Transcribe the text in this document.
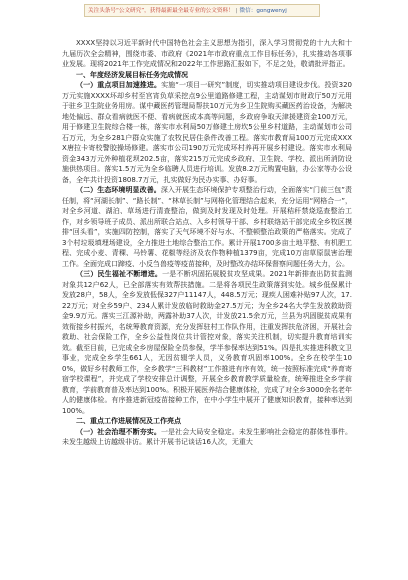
关注头条号“公文研究”，获得最新最全最专业的公文资料！ | 微信：gongwenyj

XXXX坚持以习近平新时代中国特色社会主义思想为指引，深入学习贯彻党的十九大和十九届历次全会精神，围绕市委、市政府《2021年市政府重点工作目标任务》，扎实推动各项事业发展。现将2021年工作完成情况和2022年工作思路汇报如下，不足之处，敬请批评指正。

一、年度经济发展目标任务完成情况

（一）重点项目加速推进。实施“一项目一研究”制度，切实推动项目建设步伐。投资320万元实施XXXX坏却乡村至宫宵负草采挖点9公里道路修建工程，主动谋划市财政厅50万元用于驻乡卫生院业务用房。谋中藏医药管理局帮扶10万元为乡卫生院购买藏医药治设备，为解决地处偏远、群众看病就医不便、看病就医成本高等问题，乡政府争取天津援建资金100万元，用于修建卫生院综合楼一栋，落实市水利局50万修建土房坎5公里乡村道路，主动谋划市公司石万元，为全乡281户群众实施了农牧民居住条件改善工程。落实市教育局100万元完成XXXX唐拉卡寄校警胶操场修建。落实市公司190万元完成环村养再开展乡村建设。落实市水利局资金343万元外种植花坝202.5亩，落实215万元完成乡政府、卫生院、学校、派出所消防设施供热项目。落实1.5万元为全乡临聘人员进行培训。发放8.2万元购置电脑，办公家等办公设备，全年共计投资1808.7万元，扎实做好为民办实事、办好事。

（二）生态环境明显改善。深入开展生态环境保护专项整治行动，全面落实“门前三包”责任制，将“河湖长制”、“路长制”、“林草长制”与网格化管理结合起来，充分运用“网格合一”，对全乡河道、湖泊、草场进行清查整治，做到及时发现及时处理。开展秸秆禁烧巡查整治工作，对乡领导班子成员、派出所联合站点、入乡村领导干部、乡村联络站干部完成全乡牧区摸排“回头看”，实施四防控制，落实了天气环境不好与水、不整顿整治政策的严格落实。完成了3个村垃圾填埋场建设，全力推进土地综合整治工作。累计开展1700多亩土地平整、有机肥工程、完成小麦、青稞、马铃薯、花椒等经济及农作物种植1379亩，完成10万亩草原鼠害治理工作。全面完成口蹄疫、小反刍兽疫等疫苗接种，及时整改办结环保督察问题任务大力，公。

（三）民生福祉不断增进。一是不断巩固拓展脱贫攻坚成果。2021年新排查出防贫监测对象共12户62人，已全部落实有效帮扶措施。二是将各项民生政策落到实处。城乡低保累计发放28户，58人，全乡发放低保327户11147人，448.5万元；现疾人困难补贴97人次，17.22万元；对全乡59户、234人累计发放临时救助金27.5万元；为全乡24名大学生发放救助资金9.9万元。落实三江源补助，两露补助37人次，计发放21.5余万元，兰县为巩固脱贫成果有效衔接乡村振兴，名统筹教育资源，充分发挥驻村工作队作用，注重发挥扶危济困，开展社会救助、社会保险工作，全乡公益性岗位共计管控对象，落实关注机制，切实提升教育培训实效。截至目前，已完成全乡房屋保险全员参保，学半参保率达到51%。四是扎实推进科教文卫事业，完成全乡学生661人，无因贫辍学人员，义务教育巩固率100%。全乡在校学生100%，做好乡村教师工作，全乡教学“三科教材”工作推进有序有效，统一按照标准完成“养育寄宿学校课程”，并完成了学校安排总计调整，开展全乡教育教学质量检查，统筹推进全乡学前教育，学前教育普及率达到100%。积极开展医养结合健康体检，完成了对全乡3000余名老年人的健康体检。有序推进新冠疫苗接种工作，在中小学生中展开了健康知识教育，接种率达到100%。

二、重点工作进展情况及工作亮点

（一）社会治理不断夯实。一是社会大局安全稳定。未发生影响社会稳定的群体性事件。未发生越级上访越级非访。累计开展书记谈话16人次，无重大
